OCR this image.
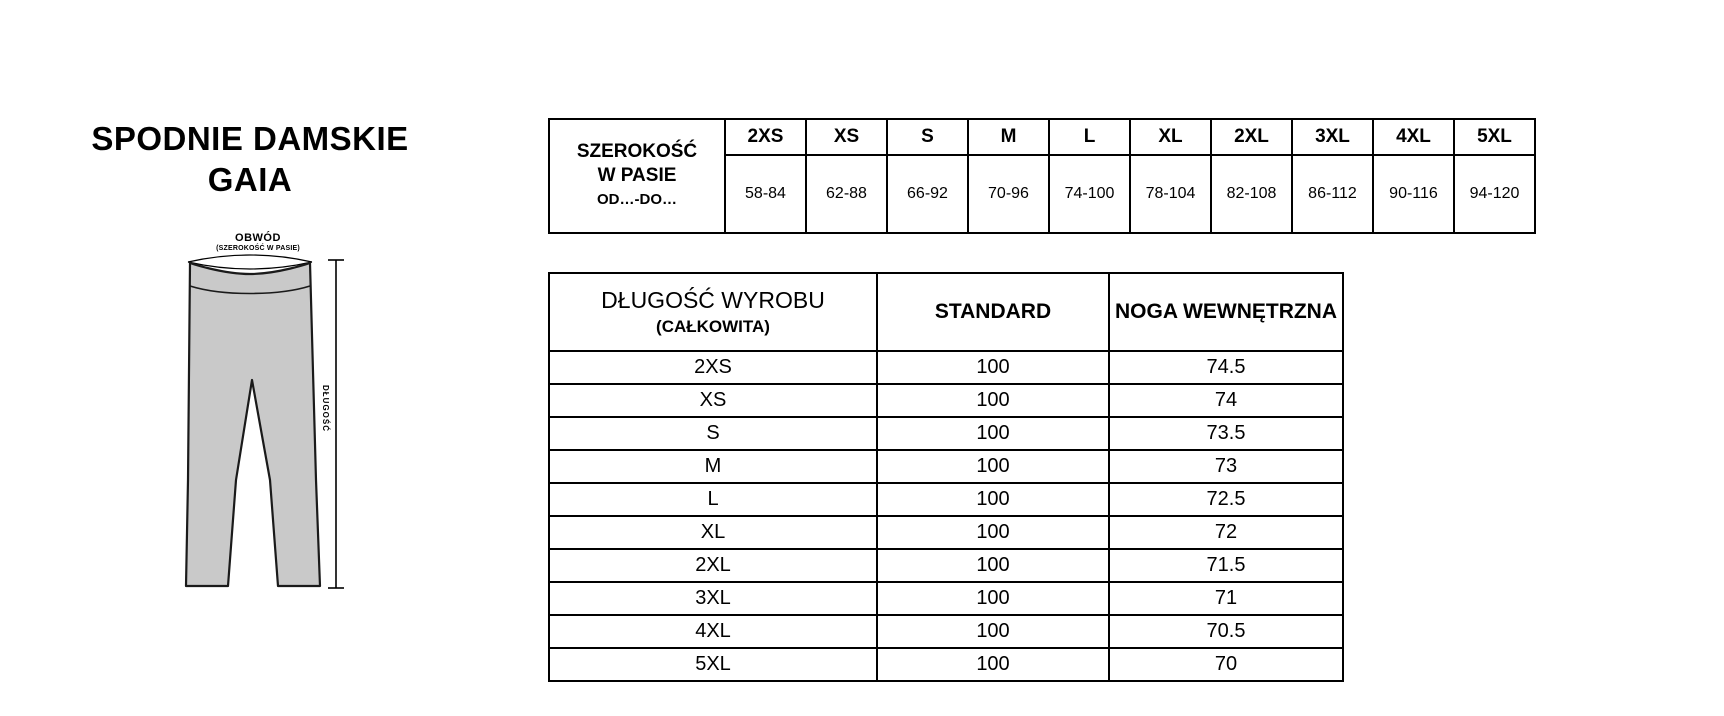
SPODNIE DAMSKIE
GAIA
OBWÓD
(SZEROKOŚĆ W PASIE)
DŁUGOŚĆ
SZEROKOŚĆ
W PASIE
OD…-DO…	2XS	XS	S	M	L	XL	2XL	3XL	4XL	5XL
	58-84	62-88	66-92	70-96	74-100	78-104	82-108	86-112	90-116	94-120
DŁUGOŚĆ WYROBU
(CAŁKOWITA)	STANDARD	NOGA WEWNĘTRZNA
2XS	100	74.5
XS	100	74
S	100	73.5
M	100	73
L	100	72.5
XL	100	72
2XL	100	71.5
3XL	100	71
4XL	100	70.5
5XL	100	70
